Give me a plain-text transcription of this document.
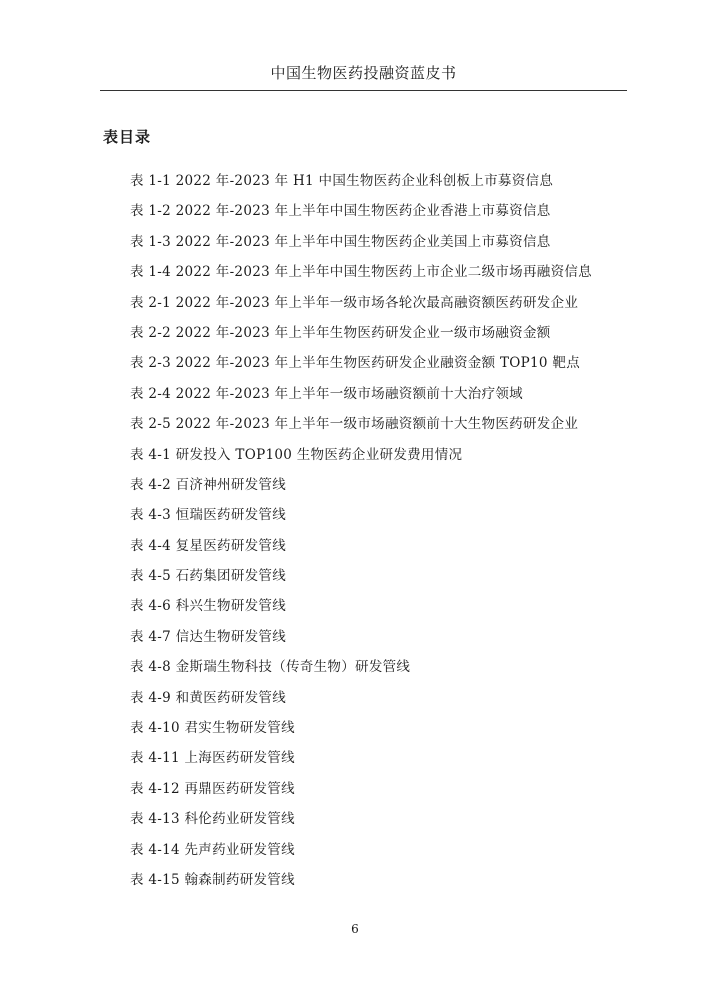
中国生物医药投融资蓝皮书
表目录
表 1-1 2022 年-2023 年 H1 中国生物医药企业科创板上市募资信息
表 1-2 2022 年-2023 年上半年中国生物医药企业香港上市募资信息
表 1-3 2022 年-2023 年上半年中国生物医药企业美国上市募资信息
表 1-4 2022 年-2023 年上半年中国生物医药上市企业二级市场再融资信息
表 2-1 2022 年-2023 年上半年一级市场各轮次最高融资额医药研发企业
表 2-2 2022 年-2023 年上半年生物医药研发企业一级市场融资金额
表 2-3 2022 年-2023 年上半年生物医药研发企业融资金额 TOP10 靶点
表 2-4 2022 年-2023 年上半年一级市场融资额前十大治疗领域
表 2-5 2022 年-2023 年上半年一级市场融资额前十大生物医药研发企业
表 4-1 研发投入 TOP100 生物医药企业研发费用情况
表 4-2 百济神州研发管线
表 4-3 恒瑞医药研发管线
表 4-4 复星医药研发管线
表 4-5 石药集团研发管线
表 4-6 科兴生物研发管线
表 4-7 信达生物研发管线
表 4-8 金斯瑞生物科技（传奇生物）研发管线
表 4-9 和黄医药研发管线
表 4-10 君实生物研发管线
表 4-11 上海医药研发管线
表 4-12 再鼎医药研发管线
表 4-13 科伦药业研发管线
表 4-14 先声药业研发管线
表 4-15 翰森制药研发管线
6
